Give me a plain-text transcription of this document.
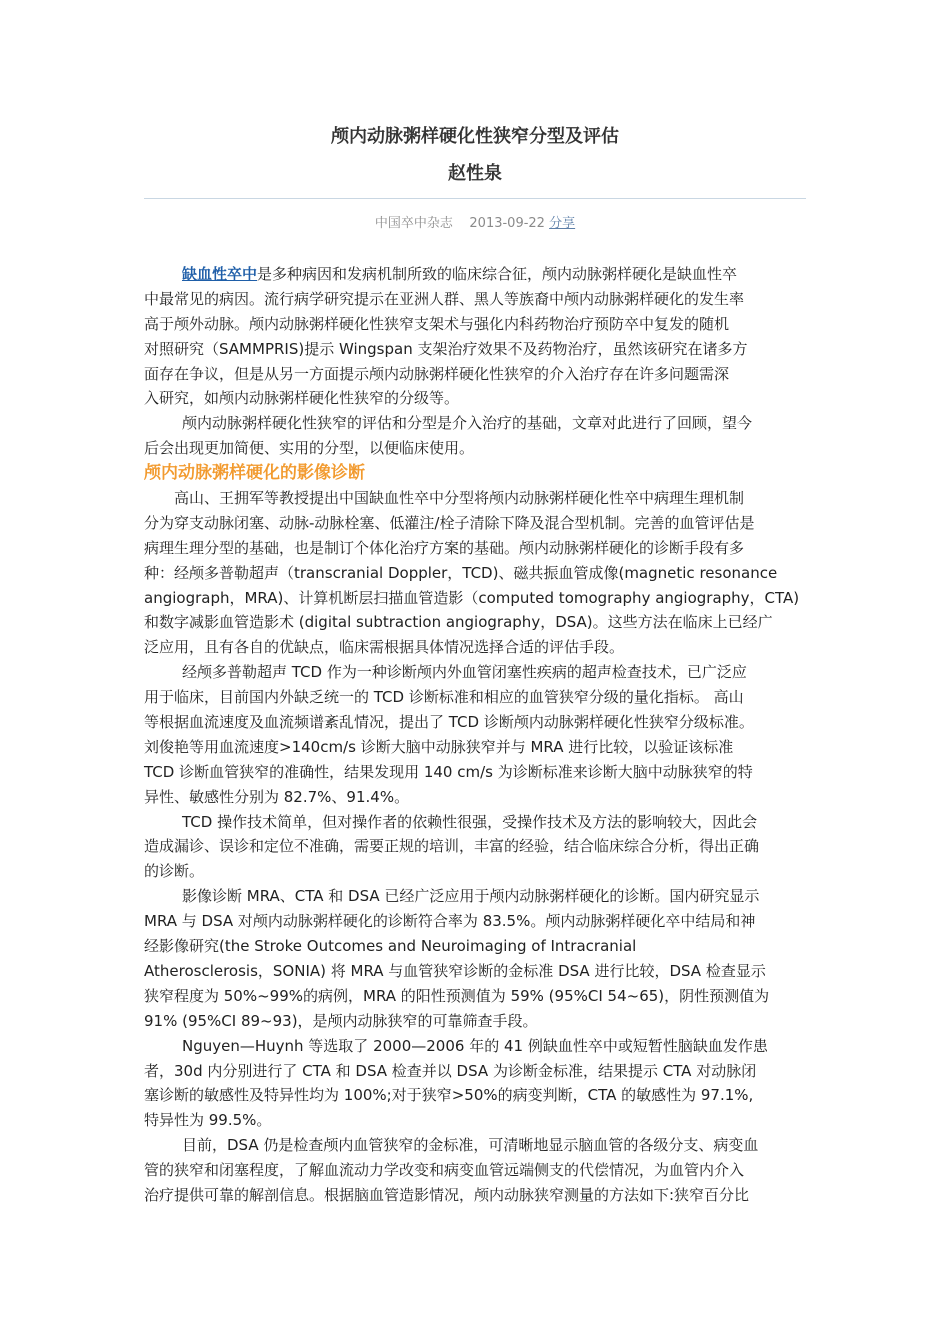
颅内动脉粥样硬化性狭窄分型及评估
赵性泉
中国卒中杂志 2013-09-22 分享
缺血性卒中是多种病因和发病机制所致的临床综合征，颅内动脉粥样硬化是缺血性卒
中最常见的病因。流行病学研究提示在亚洲人群、黑人等族裔中颅内动脉粥样硬化的发生率
高于颅外动脉。颅内动脉粥样硬化性狭窄支架术与强化内科药物治疗预防卒中复发的随机
对照研究（SAMMPRIS)提示 Wingspan 支架治疗效果不及药物治疗，虽然该研究在诸多方
面存在争议，但是从另一方面提示颅内动脉粥样硬化性狭窄的介入治疗存在许多问题需深
入研究，如颅内动脉粥样硬化性狭窄的分级等。
颅内动脉粥样硬化性狭窄的评估和分型是介入治疗的基础，文章对此进行了回顾，望今
后会出现更加简便、实用的分型，以便临床使用。
颅内动脉粥样硬化的影像诊断
高山、王拥军等教授提出中国缺血性卒中分型将颅内动脉粥样硬化性卒中病理生理机制
分为穿支动脉闭塞、动脉-动脉栓塞、低灌注/栓子清除下降及混合型机制。完善的血管评估是
病理生理分型的基础，也是制订个体化治疗方案的基础。颅内动脉粥样硬化的诊断手段有多
种：经颅多普勒超声（transcranial Doppler，TCD)、磁共振血管成像(magnetic resonance
angiograph，MRA)、计算机断层扫描血管造影（computed tomography angiography，CTA)
和数字减影血管造影术 (digital subtraction angiography，DSA)。这些方法在临床上已经广
泛应用，且有各自的优缺点，临床需根据具体情况选择合适的评估手段。
经颅多普勒超声 TCD 作为一种诊断颅内外血管闭塞性疾病的超声检查技术，已广泛应
用于临床，目前国内外缺乏统一的 TCD 诊断标准和相应的血管狭窄分级的量化指标。 高山
等根据血流速度及血流频谱紊乱情况，提出了 TCD 诊断颅内动脉粥样硬化性狭窄分级标准。
刘俊艳等用血流速度>140cm/s 诊断大脑中动脉狭窄并与 MRA 进行比较，以验证该标准
TCD 诊断血管狭窄的准确性，结果发现用 140 cm/s 为诊断标准来诊断大脑中动脉狭窄的特
异性、敏感性分别为 82.7%、91.4%。
TCD 操作技术简单，但对操作者的依赖性很强，受操作技术及方法的影响较大，因此会
造成漏诊、误诊和定位不准确，需要正规的培训，丰富的经验，结合临床综合分析，得出正确
的诊断。
影像诊断 MRA、CTA 和 DSA 已经广泛应用于颅内动脉粥样硬化的诊断。国内研究显示
MRA 与 DSA 对颅内动脉粥样硬化的诊断符合率为 83.5%。颅内动脉粥样硬化卒中结局和神
经影像研究(the Stroke Outcomes and Neuroimaging of Intracranial
Atherosclerosis，SONIA) 将 MRA 与血管狭窄诊断的金标准 DSA 进行比较，DSA 检查显示
狭窄程度为 50%~99%的病例，MRA 的阳性预测值为 59% (95%CI 54~65)，阴性预测值为
91% (95%CI 89~93)，是颅内动脉狭窄的可靠筛查手段。
Nguyen—Huynh 等选取了 2000—2006 年的 41 例缺血性卒中或短暂性脑缺血发作患
者，30d 内分别进行了 CTA 和 DSA 检查并以 DSA 为诊断金标准，结果提示 CTA 对动脉闭
塞诊断的敏感性及特异性均为 100%;对于狭窄>50%的病变判断，CTA 的敏感性为 97.1%,
特异性为 99.5%。
目前，DSA 仍是检查颅内血管狭窄的金标准，可清晰地显示脑血管的各级分支、病变血
管的狭窄和闭塞程度，了解血流动力学改变和病变血管远端侧支的代偿情况，为血管内介入
治疗提供可靠的解剖信息。根据脑血管造影情况，颅内动脉狭窄测量的方法如下:狭窄百分比
